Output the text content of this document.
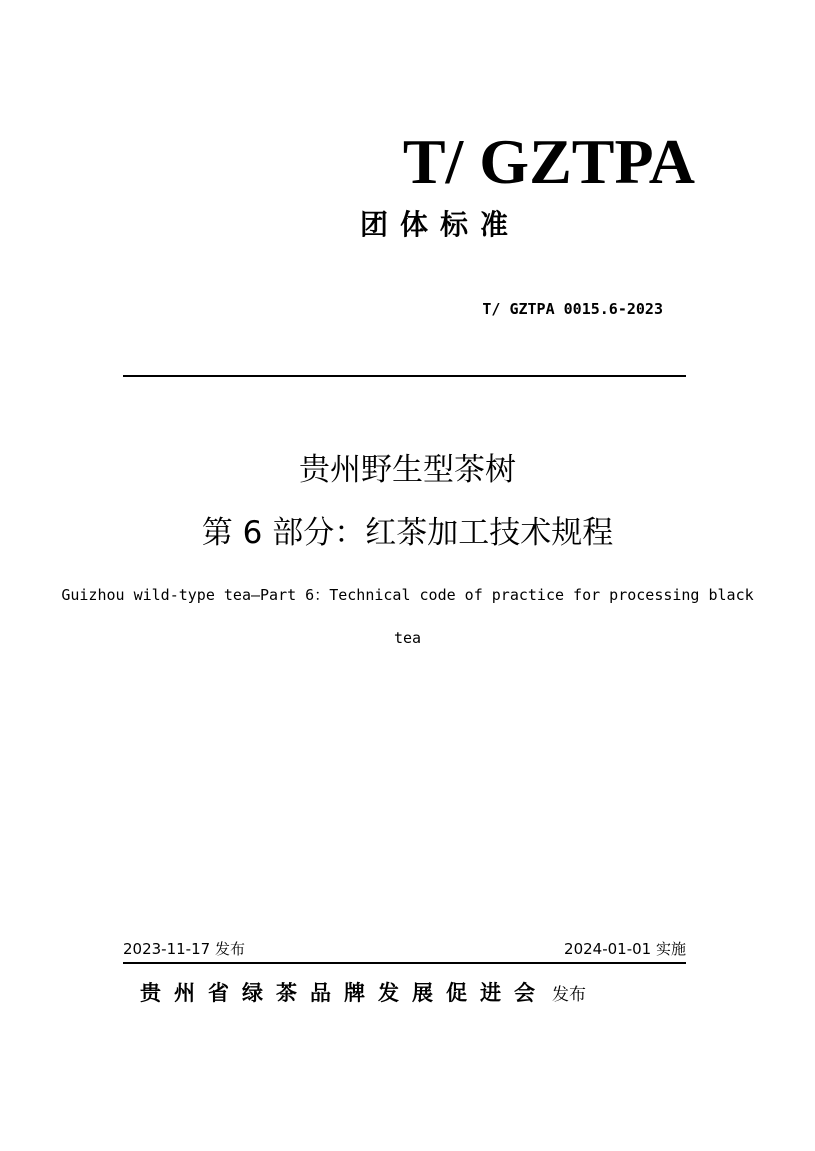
T/ GZTPA
团体标准
T/ GZTPA 0015.6-2023
贵州野生型茶树
第 6 部分：红茶加工技术规程
Guizhou wild-type tea—Part 6：Technical code of practice for processing black tea
2023-11-17 发布	2024-01-01 实施
贵州省绿茶品牌发展促进会 发布
